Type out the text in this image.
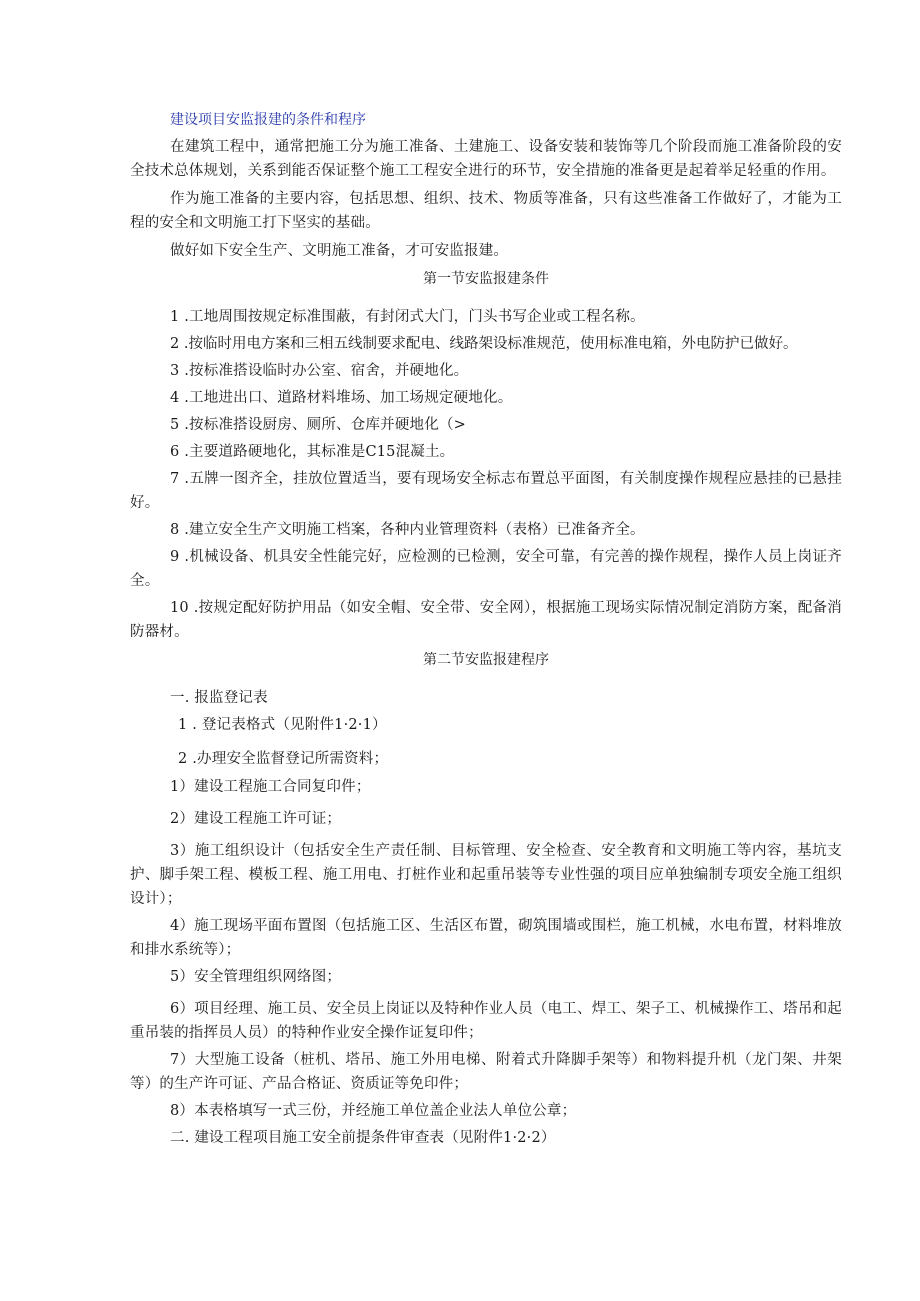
建设项目安监报建的条件和程序

在建筑工程中，通常把施工分为施工准备、土建施工、设备安装和装饰等几个阶段而施工准备阶段的安全技术总体规划，关系到能否保证整个施工工程安全进行的环节，安全措施的准备更是起着举足轻重的作用。

作为施工准备的主要内容，包括思想、组织、技术、物质等准备，只有这些准备工作做好了，才能为工程的安全和文明施工打下坚实的基础。

做好如下安全生产、文明施工准备，才可安监报建。

第一节安监报建条件

1 .工地周围按规定标准围蔽，有封闭式大门，门头书写企业或工程名称。

2 .按临时用电方案和三相五线制要求配电、线路架设标准规范，使用标准电箱，外电防护已做好。

3 .按标准搭设临时办公室、宿舍，并硬地化。

4 .工地进出口、道路材料堆场、加工场规定硬地化。

5 .按标准搭设厨房、厕所、仓库并硬地化（>

6 .主要道路硬地化，其标准是C15混凝土。

7 .五牌一图齐全，挂放位置适当，要有现场安全标志布置总平面图，有关制度操作规程应悬挂的已悬挂好。

8 .建立安全生产文明施工档案，各种内业管理资料（表格）已准备齐全。

9 .机械设备、机具安全性能完好，应检测的已检测，安全可靠，有完善的操作规程，操作人员上岗证齐全。

10 .按规定配好防护用品（如安全帽、安全带、安全网），根据施工现场实际情况制定消防方案，配备消防器材。

第二节安监报建程序

一. 报监登记表

1 . 登记表格式（见附件1·2·1）

2 .办理安全监督登记所需资料；

1）建设工程施工合同复印件；

2）建设工程施工许可证；

3）施工组织设计（包括安全生产责任制、目标管理、安全检查、安全教育和文明施工等内容，基坑支护、脚手架工程、模板工程、施工用电、打桩作业和起重吊装等专业性强的项目应单独编制专项安全施工组织设计）；

4）施工现场平面布置图（包括施工区、生活区布置，砌筑围墙或围栏，施工机械，水电布置，材料堆放和排水系统等）；

5）安全管理组织网络图；

6）项目经理、施工员、安全员上岗证以及特种作业人员（电工、焊工、架子工、机械操作工、塔吊和起重吊装的指挥员人员）的特种作业安全操作证复印件；

7）大型施工设备（桩机、塔吊、施工外用电梯、附着式升降脚手架等）和物料提升机（龙门架、井架等）的生产许可证、产品合格证、资质证等免印件；

8）本表格填写一式三份，并经施工单位盖企业法人单位公章；

二. 建设工程项目施工安全前提条件审查表（见附件1·2·2）
